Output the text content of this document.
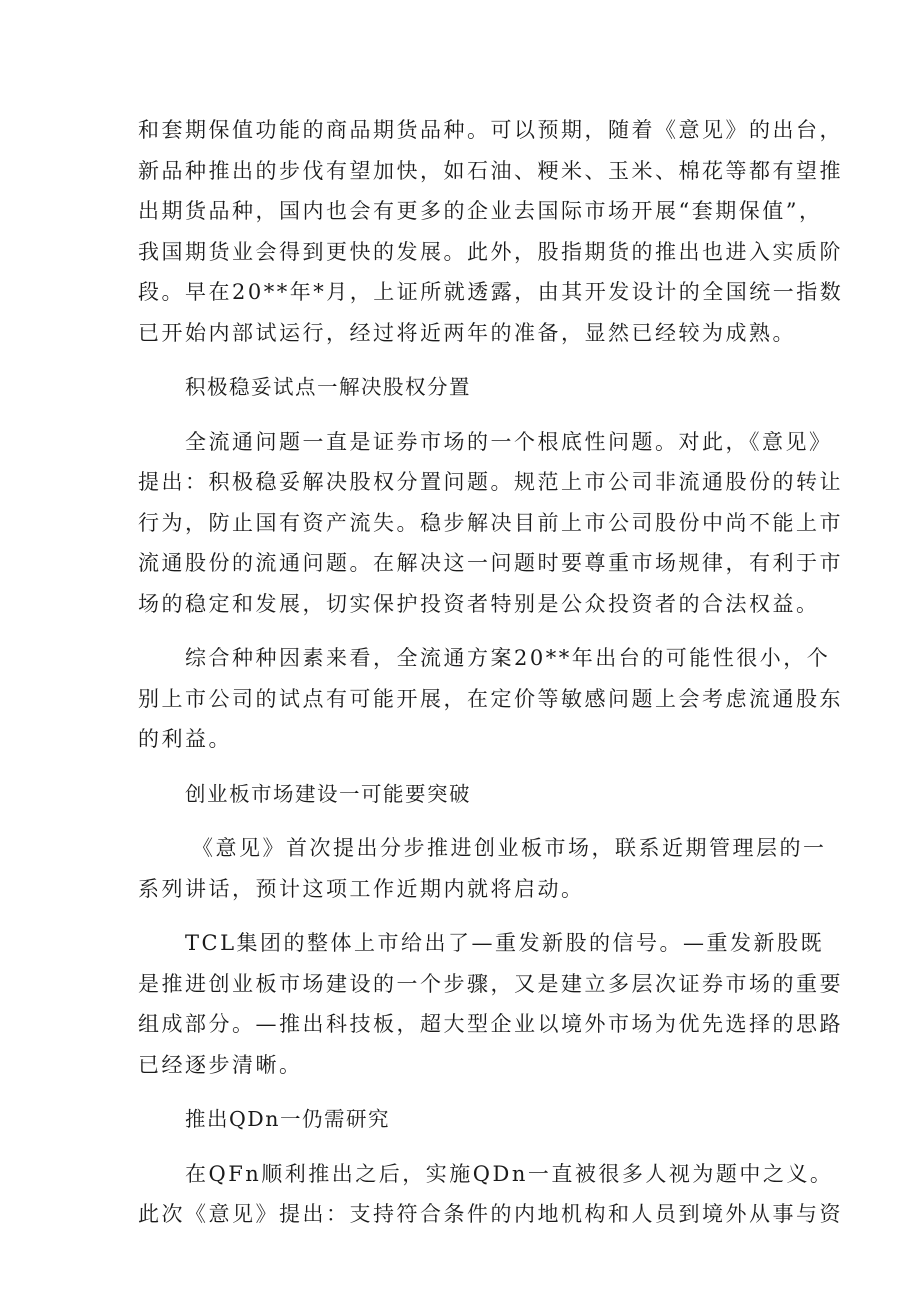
和套期保值功能的商品期货品种。可以预期，随着《意见》的出台，
新品种推出的步伐有望加快，如石油、粳米、玉米、棉花等都有望推
出期货品种，国内也会有更多的企业去国际市场开展“套期保值”，
我国期货业会得到更快的发展。此外，股指期货的推出也进入实质阶
段。早在20**年*月，上证所就透露，由其开发设计的全国统一指数
已开始内部试运行，经过将近两年的准备，显然已经较为成熟。

积极稳妥试点一解决股权分置

全流通问题一直是证券市场的一个根底性问题。对此，《意见》
提出：积极稳妥解决股权分置问题。规范上市公司非流通股份的转让
行为，防止国有资产流失。稳步解决目前上市公司股份中尚不能上市
流通股份的流通问题。在解决这一问题时要尊重市场规律，有利于市
场的稳定和发展，切实保护投资者特别是公众投资者的合法权益。

综合种种因素来看，全流通方案20**年出台的可能性很小，个
别上市公司的试点有可能开展，在定价等敏感问题上会考虑流通股东
的利益。

创业板市场建设一可能要突破

《意见》首次提出分步推进创业板市场，联系近期管理层的一
系列讲话，预计这项工作近期内就将启动。

TCL集团的整体上市给出了—重发新股的信号。—重发新股既
是推进创业板市场建设的一个步骤，又是建立多层次证券市场的重要
组成部分。—推出科技板，超大型企业以境外市场为优先选择的思路
已经逐步清晰。

推出QDn一仍需研究

在QFn顺利推出之后，实施QDn一直被很多人视为题中之义。
此次《意见》提出：支持符合条件的内地机构和人员到境外从事与资
